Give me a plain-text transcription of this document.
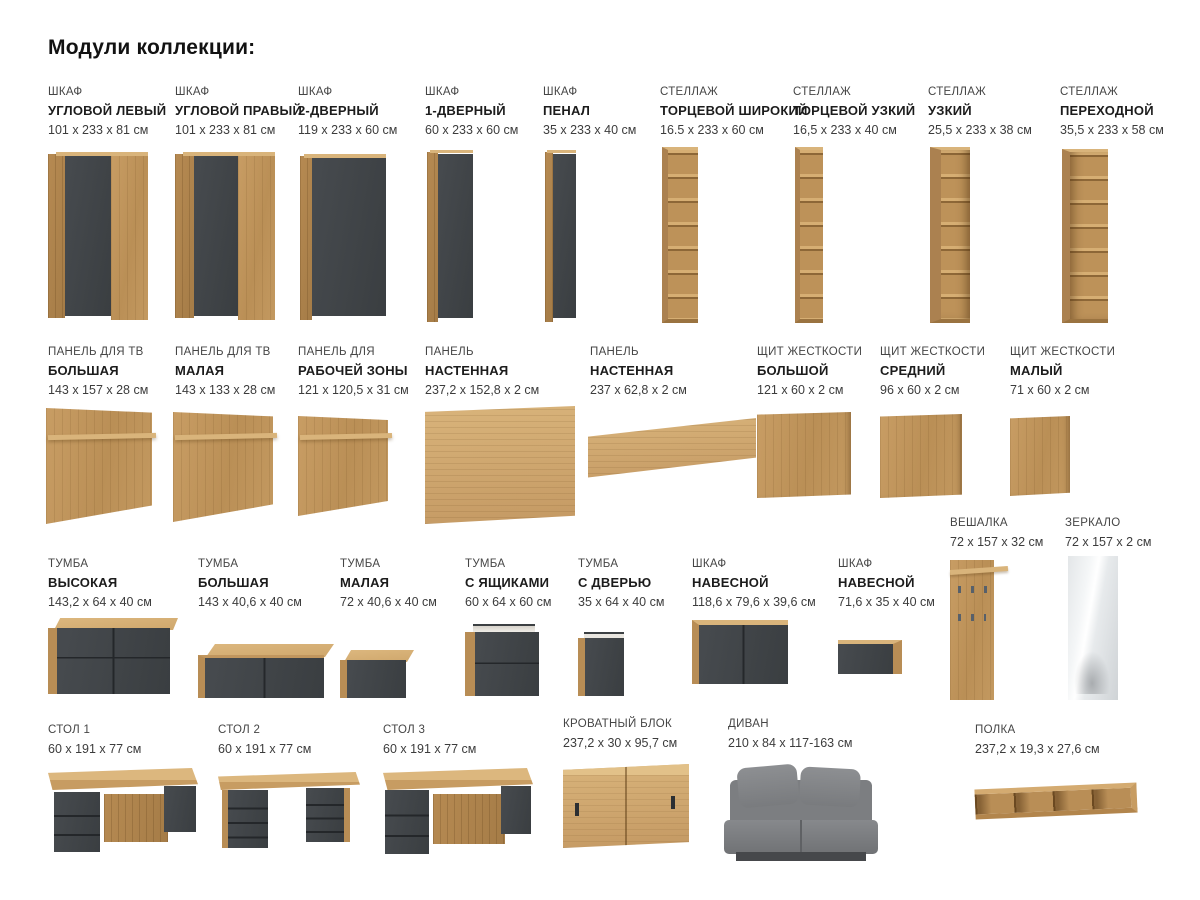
Модули коллекции:
ШКАФ
УГЛОВОЙ ЛЕВЫЙ
101 х 233 х 81 см
ШКАФ
УГЛОВОЙ ПРАВЫЙ
101 х 233 х 81 см
ШКАФ
2-ДВЕРНЫЙ
119 х 233 х 60 см
ШКАФ
1-ДВЕРНЫЙ
60 х 233 х 60 см
ШКАФ
ПЕНАЛ
35 х 233 х 40 см
СТЕЛЛАЖ
ТОРЦЕВОЙ ШИРОКИЙ
16.5 х 233 х 60 см
СТЕЛЛАЖ
ТОРЦЕВОЙ УЗКИЙ
16,5 х 233 х 40 см
СТЕЛЛАЖ
УЗКИЙ
25,5 х 233 х 38 см
СТЕЛЛАЖ
ПЕРЕХОДНОЙ
35,5 х 233 х 58 см
ПАНЕЛЬ ДЛЯ ТВ
БОЛЬШАЯ
143 х 157 х 28 см
ПАНЕЛЬ ДЛЯ ТВ
МАЛАЯ
143 х 133 х 28 см
ПАНЕЛЬ ДЛЯ
РАБОЧЕЙ ЗОНЫ
121 х 120,5 х 31 см
ПАНЕЛЬ
НАСТЕННАЯ
237,2 х 152,8 х 2 см
ПАНЕЛЬ
НАСТЕННАЯ
237 х 62,8 х 2 см
ЩИТ ЖЕСТКОСТИ
БОЛЬШОЙ
121 х 60 х 2 см
ЩИТ ЖЕСТКОСТИ
СРЕДНИЙ
96 х 60 х 2 см
ЩИТ ЖЕСТКОСТИ
МАЛЫЙ
71 х 60 х 2 см
ВЕШАЛКА
72 х 157 х 32 см
ЗЕРКАЛО
72 х 157 х 2 см
ТУМБА
ВЫСОКАЯ
143,2 х 64 х 40 см
ТУМБА
БОЛЬШАЯ
143 х 40,6 х 40 см
ТУМБА
МАЛАЯ
72 х 40,6 х 40 см
ТУМБА
С ЯЩИКАМИ
60 х 64 х 60 см
ТУМБА
С ДВЕРЬЮ
35 х 64 х 40 см
ШКАФ
НАВЕСНОЙ
118,6 х 79,6 х 39,6 см
ШКАФ
НАВЕСНОЙ
71,6 х 35 х 40 см
СТОЛ 1
60 х 191 х 77 см
СТОЛ 2
60 х 191 х 77 см
СТОЛ 3
60 х 191 х 77 см
КРОВАТНЫЙ БЛОК
237,2 х 30 х 95,7 см
ДИВАН
210 х 84 х 117-163 см
ПОЛКА
237,2 х 19,3 х 27,6 см
